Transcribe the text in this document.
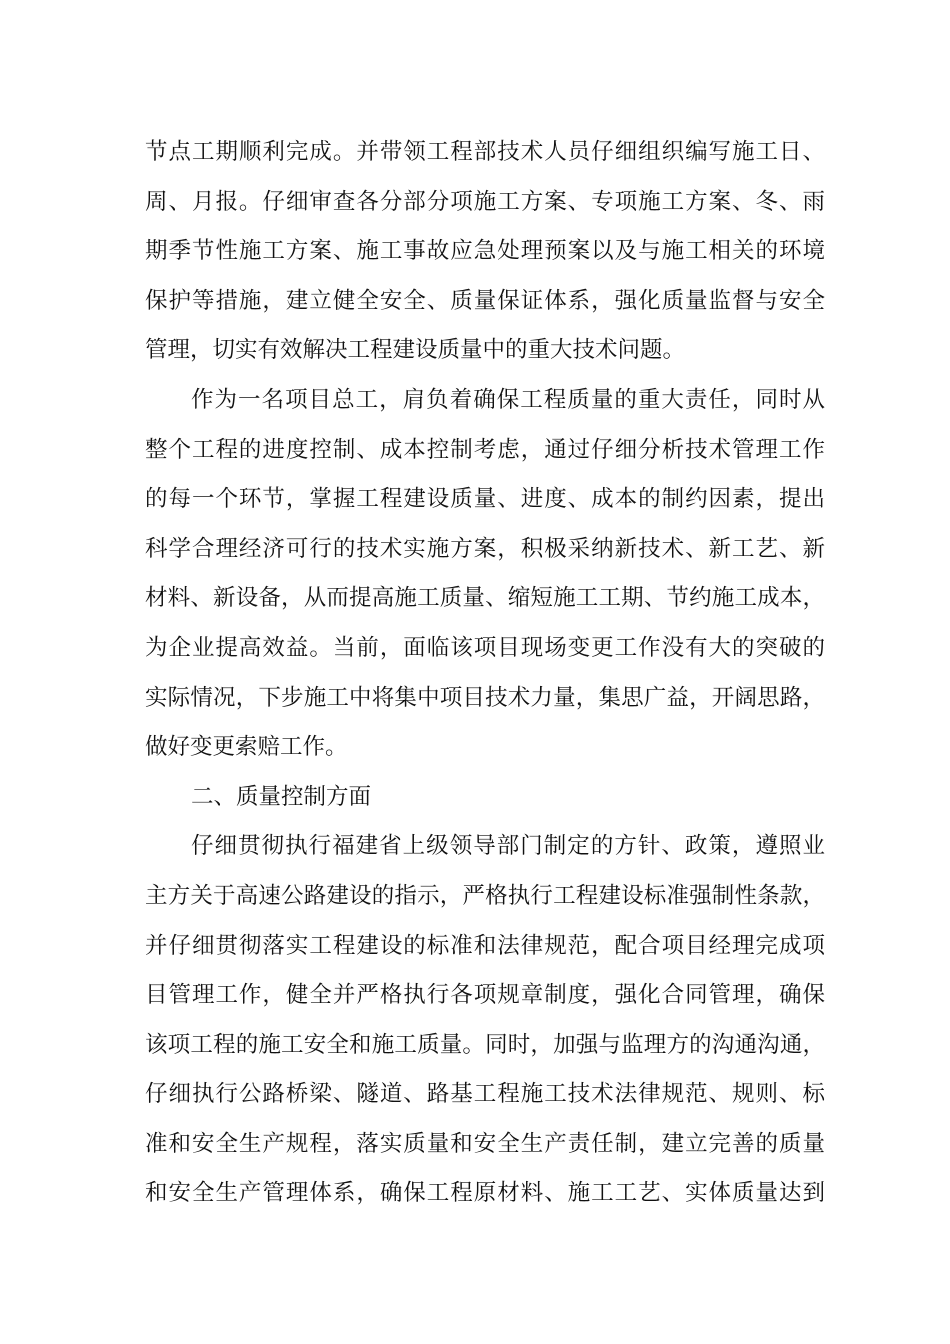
节点工期顺利完成。并带领工程部技术人员仔细组织编写施工日、
周、月报。仔细审查各分部分项施工方案、专项施工方案、冬、雨
期季节性施工方案、施工事故应急处理预案以及与施工相关的环境
保护等措施，建立健全安全、质量保证体系，强化质量监督与安全
管理，切实有效解决工程建设质量中的重大技术问题。
作为一名项目总工，肩负着确保工程质量的重大责任，同时从
整个工程的进度控制、成本控制考虑，通过仔细分析技术管理工作
的每一个环节，掌握工程建设质量、进度、成本的制约因素，提出
科学合理经济可行的技术实施方案，积极采纳新技术、新工艺、新
材料、新设备，从而提高施工质量、缩短施工工期、节约施工成本，
为企业提高效益。当前，面临该项目现场变更工作没有大的突破的
实际情况，下步施工中将集中项目技术力量，集思广益，开阔思路，
做好变更索赔工作。
二、质量控制方面
仔细贯彻执行福建省上级领导部门制定的方针、政策，遵照业
主方关于高速公路建设的指示，严格执行工程建设标准强制性条款，
并仔细贯彻落实工程建设的标准和法律规范，配合项目经理完成项
目管理工作，健全并严格执行各项规章制度，强化合同管理，确保
该项工程的施工安全和施工质量。同时，加强与监理方的沟通沟通，
仔细执行公路桥梁、隧道、路基工程施工技术法律规范、规则、标
准和安全生产规程，落实质量和安全生产责任制，建立完善的质量
和安全生产管理体系，确保工程原材料、施工工艺、实体质量达到
